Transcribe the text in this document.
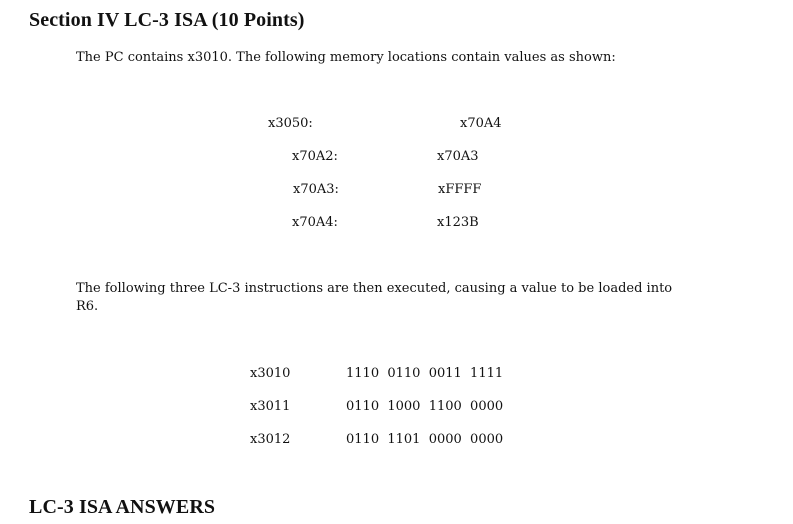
Section IV LC-3 ISA (10 Points)

The PC contains x3010. The following memory locations contain values as shown:

x3050:	x70A4
x70A2:	x70A3
x70A3:	xFFFF
x70A4:	x123B

The following three LC-3 instructions are then executed, causing a value to be loaded into

R6.

x3010	1110  0110  0011  1111
x3011	0110  1000  1100  0000
x3012	0110  1101  0000  0000
LC-3 ISA ANSWERS
